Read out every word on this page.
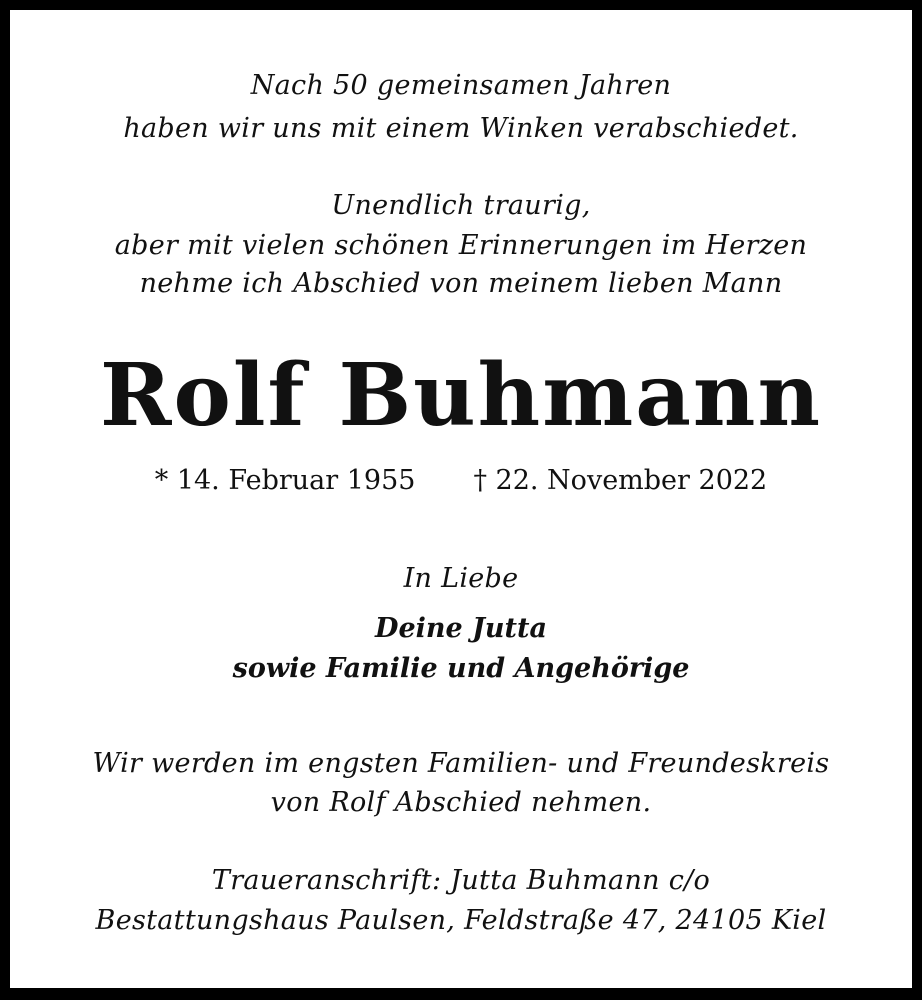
Nach 50 gemeinsamen Jahren
haben wir uns mit einem Winken verabschiedet.
Unendlich traurig,
aber mit vielen schönen Erinnerungen im Herzen
nehme ich Abschied von meinem lieben Mann
Rolf Buhmann
* 14. Februar 1955 † 22. November 2022
In Liebe
Deine Jutta
sowie Familie und Angehörige
Wir werden im engsten Familien- und Freundeskreis
von Rolf Abschied nehmen.
Traueranschrift: Jutta Buhmann c/o
Bestattungshaus Paulsen, Feldstraße 47, 24105 Kiel
